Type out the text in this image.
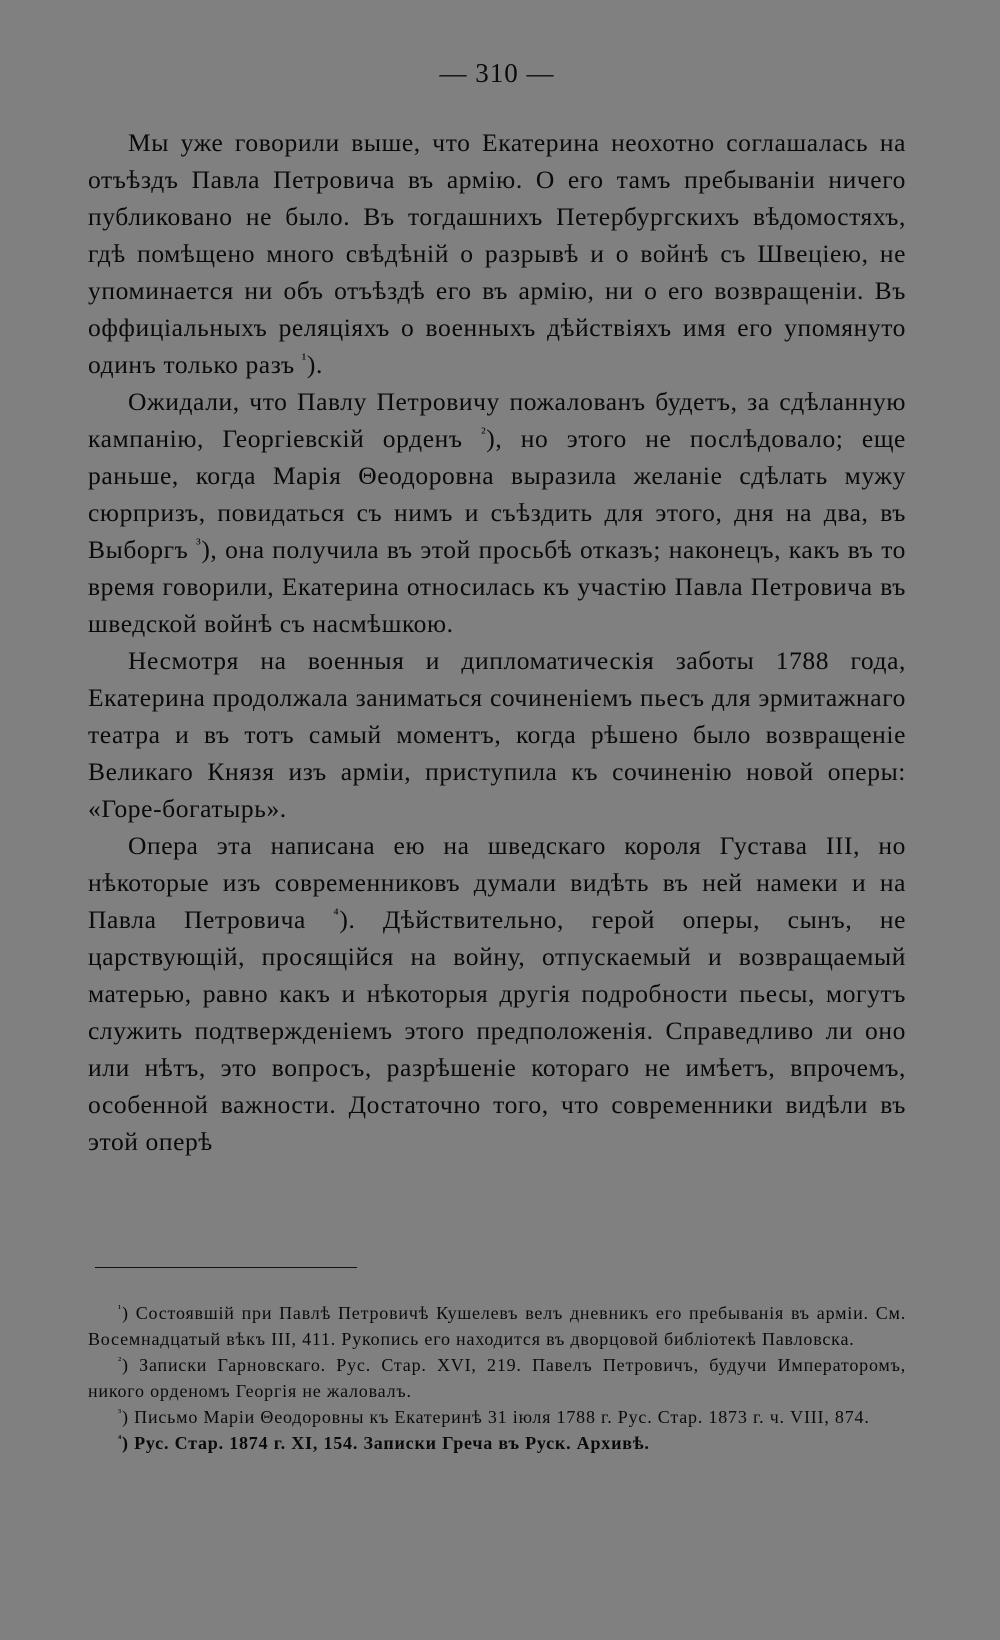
— 310 —

Мы уже говорили выше, что Екатерина неохотно соглашалась на отъѣздъ Павла Петровича въ армію. О его тамъ пребываніи ничего публиковано не было. Въ тогдашнихъ Петербургскихъ вѣдомостяхъ, гдѣ помѣщено много свѣдѣній о разрывѣ и о войнѣ съ Швеціею, не упоминается ни объ отъѣздѣ его въ армію, ни о его возвращеніи. Въ оффиціальныхъ реляціяхъ о военныхъ дѣйствіяхъ имя его упомянуто одинъ только разъ $^{^1}$).

Ожидали, что Павлу Петровичу пожалованъ будетъ, за сдѣланную кампанію, Георгіевскій орденъ $^{^2}$), но этого не послѣдовало; еще раньше, когда Марія Θеодоровна выразила желаніе сдѣлать мужу сюрпризъ, повидаться съ нимъ и съѣздить для этого, дня на два, въ Выборгъ $^{^3}$), она получила въ этой просьбѣ отказъ; наконецъ, какъ въ то время говорили, Екатерина относилась къ участію Павла Петровича въ шведской войнѣ съ насмѣшкою.

Несмотря на военныя и дипломатическія заботы 1788 года, Екатерина продолжала заниматься сочиненіемъ пьесъ для эрмитажнаго театра и въ тотъ самый моментъ, когда рѣшено было возвращеніе Великаго Князя изъ арміи, приступила къ сочиненію новой оперы: «Горе-богатырь».

Опера эта написана ею на шведскаго короля Густава III, но нѣкоторые изъ современниковъ думали видѣть въ ней намеки и на Павла Петровича $^{^4}$). Дѣйствительно, герой оперы, сынъ, не царствующій, просящійся на войну, отпускаемый и возвращаемый матерью, равно какъ и нѣкоторыя другія подробности пьесы, могутъ служить подтвержденіемъ этого предположенія. Справедливо ли оно или нѣтъ, это вопросъ, разрѣшеніе котораго не имѣетъ, впрочемъ, особенной важности. Достаточно того, что современники видѣли въ этой оперѣ

$^{^1}$) Состоявшій при Павлѣ Петровичѣ Кушелевъ велъ дневникъ его пребыванія въ арміи. См. Восемнадцатый вѣкъ III, 411. Рукопись его находится въ дворцовой библіотекѣ Павловска.

$^{^2}$) Записки Гарновскаго. Рус. Стар. XVI, 219. Павелъ Петровичъ, будучи Императоромъ, никого орденомъ Георгія не жаловалъ.

$^{^3}$) Письмо Маріи Θеодоровны къ Екатеринѣ 31 іюля 1788 г. Рус. Стар. 1873 г. ч. VIII, 874.

$^{^4}$) Рус. Стар. 1874 г. XI, 154. Записки Греча въ Руск. Архивѣ.
